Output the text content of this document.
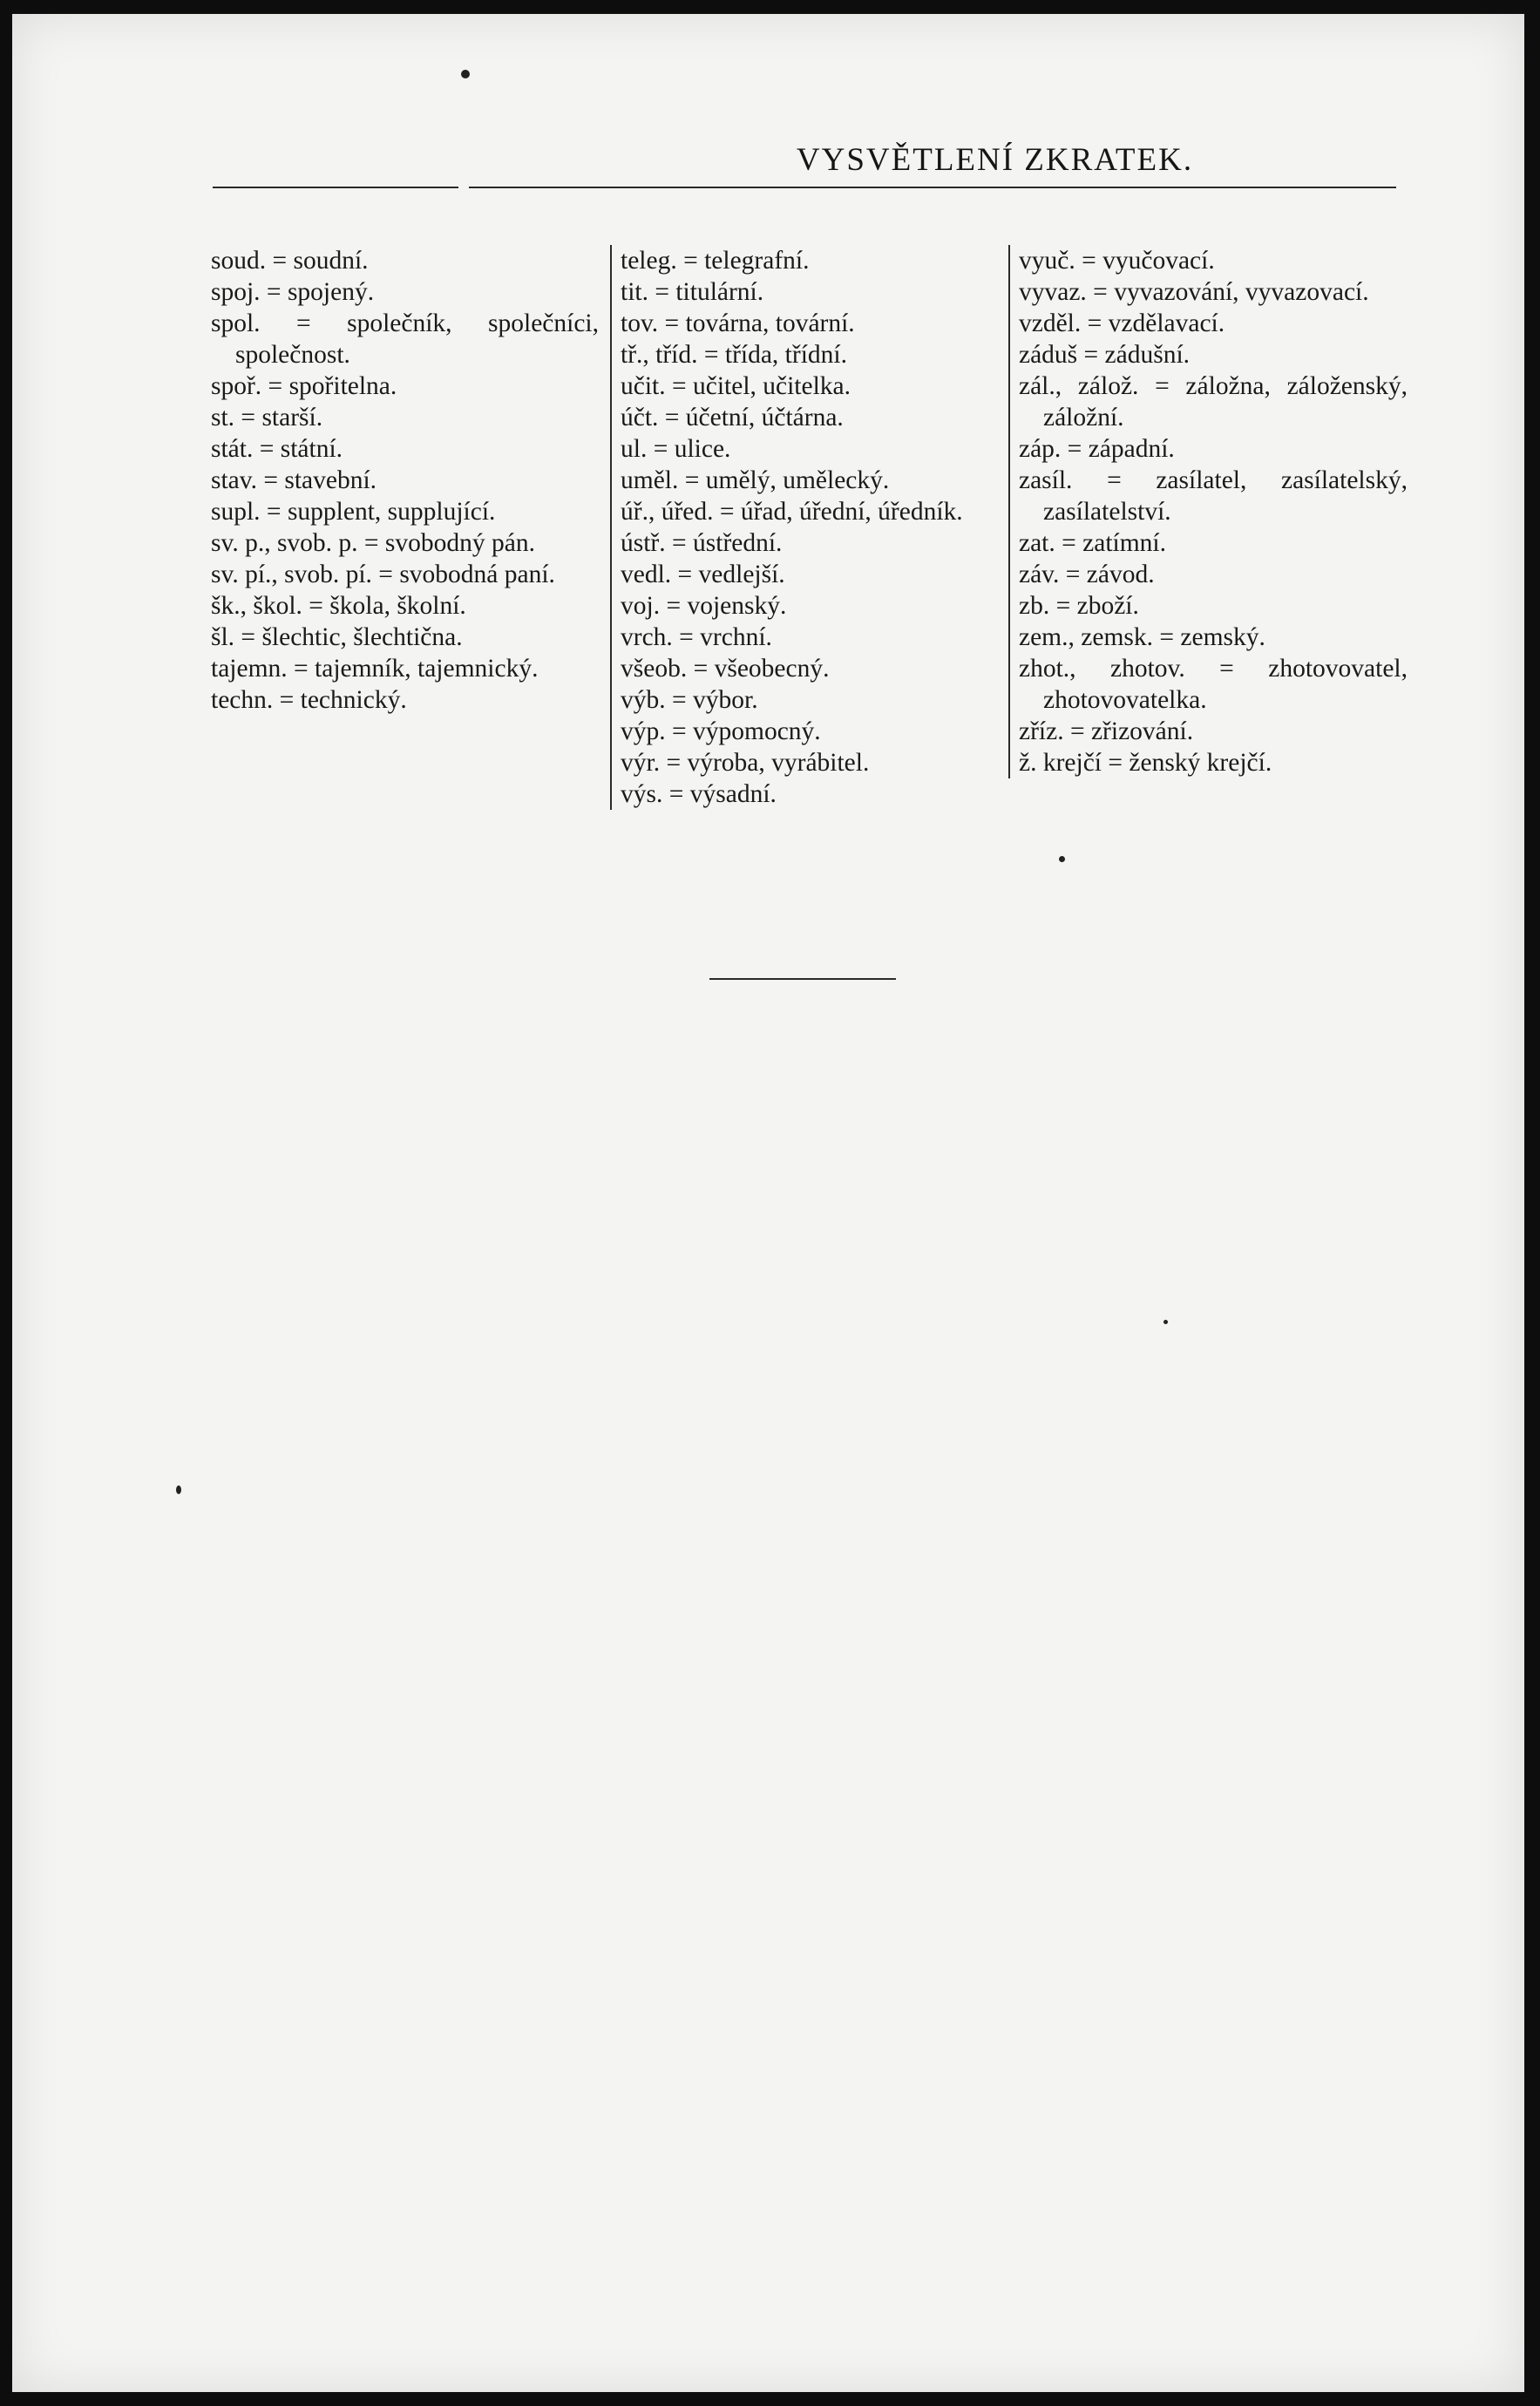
VYSVĚTLENÍ ZKRATEK.

soud. = soudní.

spoj. = spojený.

spol. = společník, společníci, společnost.

spoř. = spořitelna.

st. = starší.

stát. = státní.

stav. = stavební.

supl. = supplent, supplující.

sv. p., svob. p. = svobodný pán.

sv. pí., svob. pí. = svobodná paní.

šk., škol. = škola, školní.

šl. = šlechtic, šlechtična.

tajemn. = tajemník, tajemnický.

techn. = technický.

teleg. = telegrafní.

tit. = titulární.

tov. = továrna, tovární.

tř., tříd. = třída, třídní.

učit. = učitel, učitelka.

účt. = účetní, účtárna.

ul. = ulice.

uměl. = umělý, umělecký.

úř., úřed. = úřad, úřední, úředník.

ústř. = ústřední.

vedl. = vedlejší.

voj. = vojenský.

vrch. = vrchní.

všeob. = všeobecný.

výb. = výbor.

výp. = výpomocný.

výr. = výroba, vyrábitel.

výs. = výsadní.

vyuč. = vyučovací.

vyvaz. = vyvazování, vyvazovací.

vzděl. = vzdělavací.

záduš = zádušní.

zál., zálož. = záložna, záloženský, záložní.

záp. = západní.

zasíl. = zasílatel, zasílatelský, zasílatelství.

zat. = zatímní.

záv. = závod.

zb. = zboží.

zem., zemsk. = zemský.

zhot., zhotov. = zhotovovatel, zhotovovatelka.

zříz. = zřizování.

ž. krejčí = ženský krejčí.
